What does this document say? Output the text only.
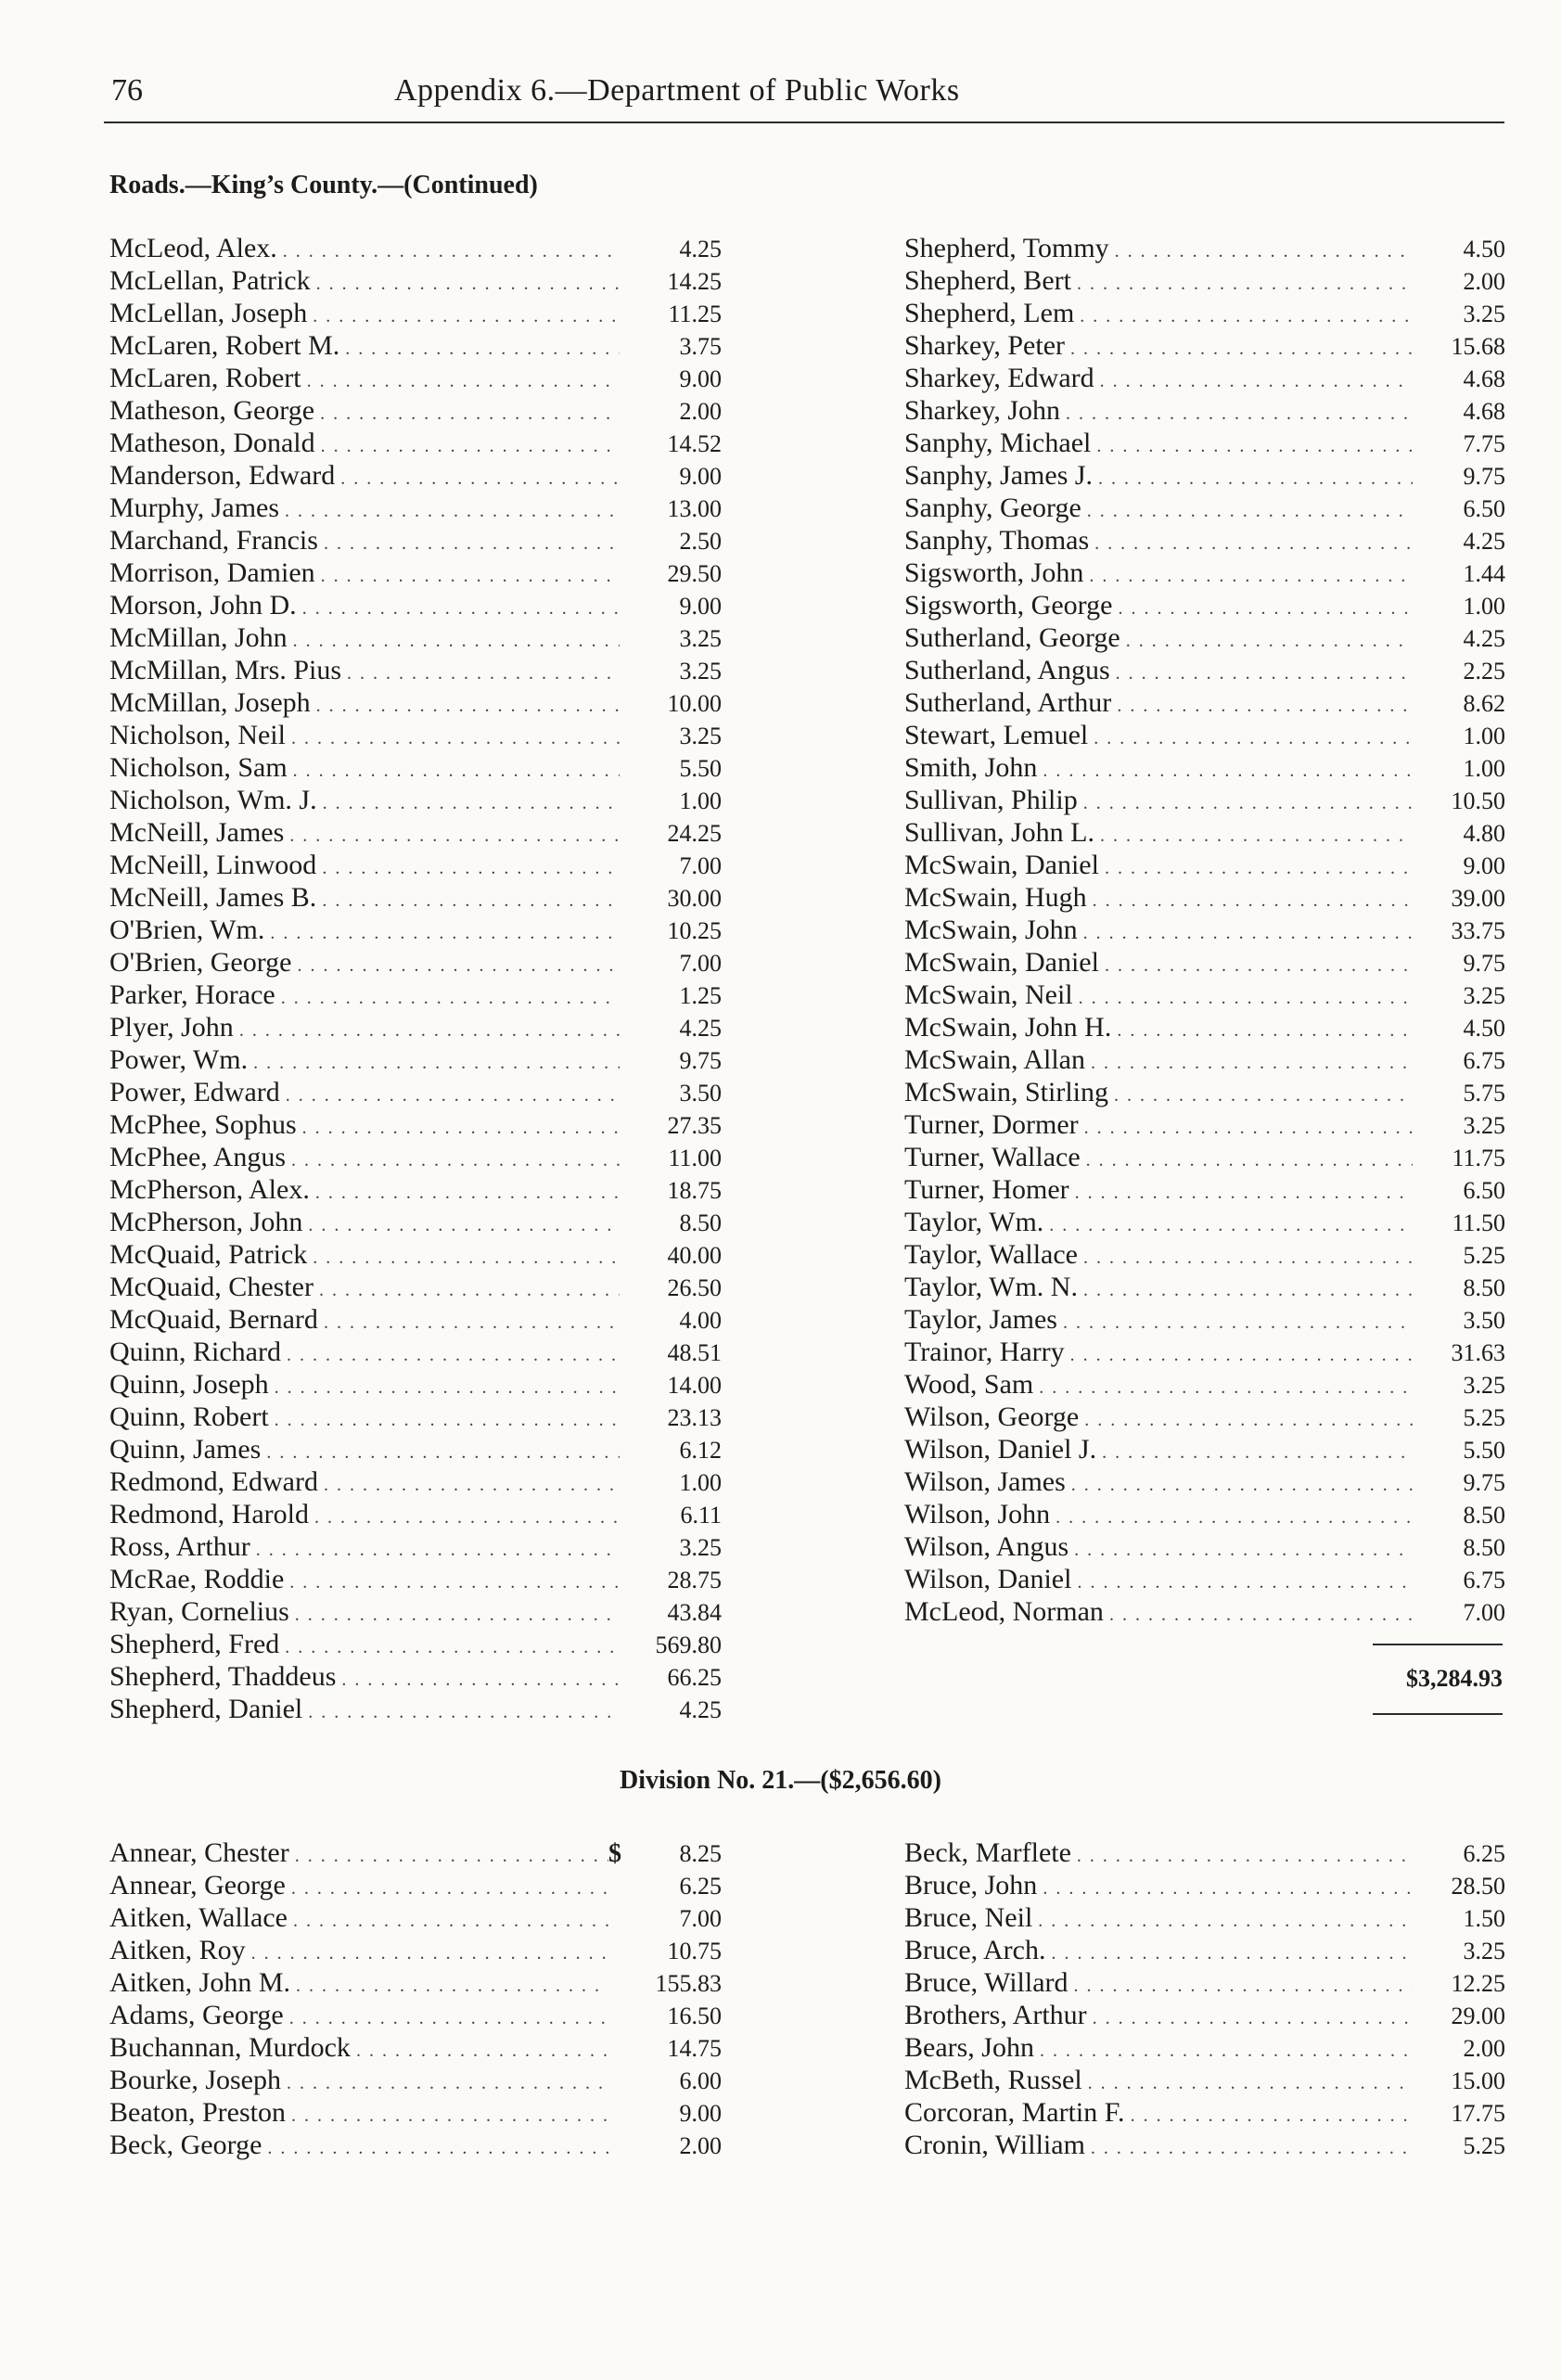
76	Appendix 6.—Department of Public Works
Roads.—King’s County.—(Continued)
McLeod, Alex. . . .	4.25
McLellan, Patrick . . .	14.25
McLellan, Joseph . . .	11.25
McLaren, Robert M. . . .	3.75
McLaren, Robert . . .	9.00
Matheson, George . . .	2.00
Matheson, Donald . . .	14.52
Manderson, Edward . . .	9.00
Murphy, James . . .	13.00
Marchand, Francis . . .	2.50
Morrison, Damien . . .	29.50
Morson, John D. . . .	9.00
McMillan, John . . .	3.25
McMillan, Mrs. Pius . . .	3.25
McMillan, Joseph . . .	10.00
Nicholson, Neil . . .	3.25
Nicholson, Sam . . .	5.50
Nicholson, Wm. J. . . .	1.00
McNeill, James . . .	24.25
McNeill, Linwood . . .	7.00
McNeill, James B. . . .	30.00
O'Brien, Wm. . . .	10.25
O'Brien, George . . .	7.00
Parker, Horace . . .	1.25
Plyer, John . . .	4.25
Power, Wm. . . .	9.75
Power, Edward . . .	3.50
McPhee, Sophus . . .	27.35
McPhee, Angus . . .	11.00
McPherson, Alex. . . .	18.75
McPherson, John . . .	8.50
McQuaid, Patrick . . .	40.00
McQuaid, Chester . . .	26.50
McQuaid, Bernard . . .	4.00
Quinn, Richard . . .	48.51
Quinn, Joseph . . .	14.00
Quinn, Robert . . .	23.13
Quinn, James . . .	6.12
Redmond, Edward . . .	1.00
Redmond, Harold . . .	6.11
Ross, Arthur . . .	3.25
McRae, Roddie . . .	28.75
Ryan, Cornelius . . .	43.84
Shepherd, Fred . . .	569.80
Shepherd, Thaddeus . . .	66.25
Shepherd, Daniel . . .	4.25
Shepherd, Tommy . . .	4.50
Shepherd, Bert . . .	2.00
Shepherd, Lem . . .	3.25
Sharkey, Peter . . .	15.68
Sharkey, Edward . . .	4.68
Sharkey, John . . .	4.68
Sanphy, Michael . . .	7.75
Sanphy, James J. . . .	9.75
Sanphy, George . . .	6.50
Sanphy, Thomas . . .	4.25
Sigsworth, John . . .	1.44
Sigsworth, George . . .	1.00
Sutherland, George . . .	4.25
Sutherland, Angus . . .	2.25
Sutherland, Arthur . . .	8.62
Stewart, Lemuel . . .	1.00
Smith, John . . .	1.00
Sullivan, Philip . . .	10.50
Sullivan, John L. . . .	4.80
McSwain, Daniel . . .	9.00
McSwain, Hugh . . .	39.00
McSwain, John . . .	33.75
McSwain, Daniel . . .	9.75
McSwain, Neil . . .	3.25
McSwain, John H. . . .	4.50
McSwain, Allan . . .	6.75
McSwain, Stirling . . .	5.75
Turner, Dormer . . .	3.25
Turner, Wallace . . .	11.75
Turner, Homer . . .	6.50
Taylor, Wm. . . .	11.50
Taylor, Wallace . . .	5.25
Taylor, Wm. N. . . .	8.50
Taylor, James . . .	3.50
Trainor, Harry . . .	31.63
Wood, Sam . . .	3.25
Wilson, George . . .	5.25
Wilson, Daniel J. . . .	5.50
Wilson, James . . .	9.75
Wilson, John . . .	8.50
Wilson, Angus . . .	8.50
Wilson, Daniel . . .	6.75
McLeod, Norman . . .	7.00
$3,284.93
Division No. 21.—($2,656.60)
Annear, Chester . . .	$	8.25
Annear, George . . .	6.25
Aitken, Wallace . . .	7.00
Aitken, Roy . . .	10.75
Aitken, John M. . . .	155.83
Adams, George . . .	16.50
Buchannan, Murdock . . .	14.75
Bourke, Joseph . . .	6.00
Beaton, Preston . . .	9.00
Beck, George . . .	2.00
Beck, Marflete . . .	6.25
Bruce, John . . .	28.50
Bruce, Neil . . .	1.50
Bruce, Arch. . . .	3.25
Bruce, Willard . . .	12.25
Brothers, Arthur . . .	29.00
Bears, John . . .	2.00
McBeth, Russel . . .	15.00
Corcoran, Martin F. . . .	17.75
Cronin, William . . .	5.25
